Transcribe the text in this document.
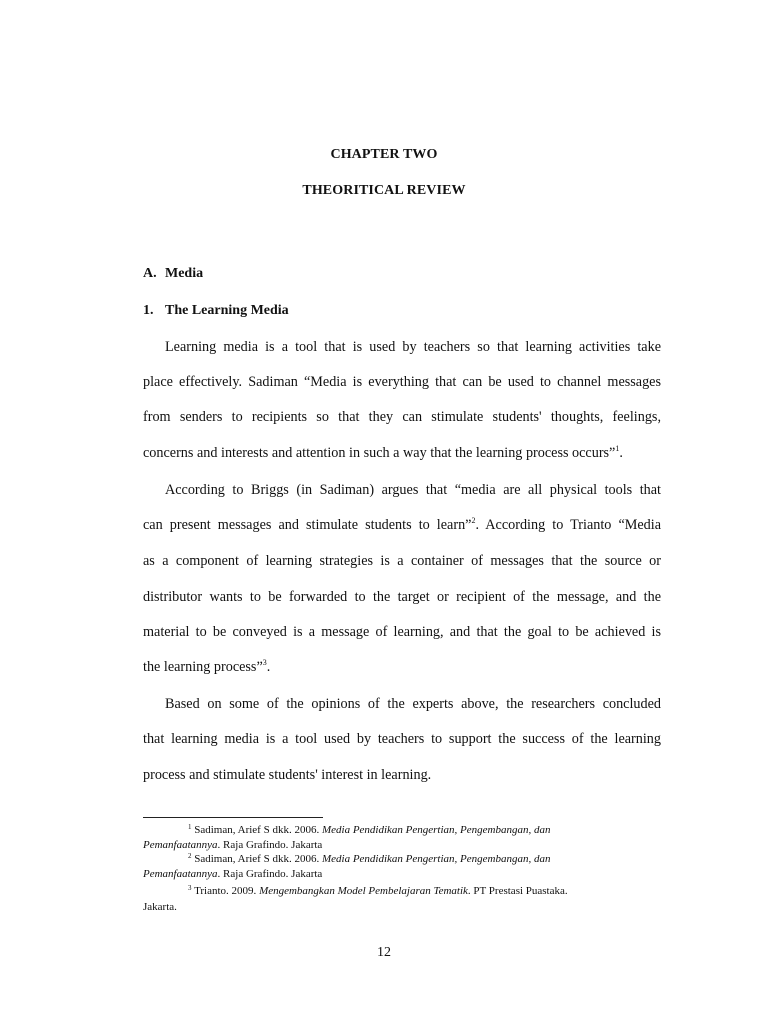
CHAPTER TWO
THEORITICAL REVIEW
A. Media
1. The Learning Media
Learning media is a tool that is used by teachers so that learning activities take
place effectively. Sadiman “Media is everything that can be used to channel messages
from senders to recipients so that they can stimulate students' thoughts, feelings,
concerns and interests and attention in such a way that the learning process occurs”$^1$.
According to Briggs (in Sadiman) argues that “media are all physical tools that
can present messages and stimulate students to learn”$^2$. According to Trianto “Media
as a component of learning strategies is a container of messages that the source or
distributor wants to be forwarded to the target or recipient of the message, and the
material to be conveyed is a message of learning, and that the goal to be achieved is
the learning process”$^3$.
Based on some of the opinions of the experts above, the researchers concluded
that learning media is a tool used by teachers to support the success of the learning
process and stimulate students' interest in learning.
$^1$ Sadiman, Arief S dkk. 2006. Media Pendidikan Pengertian, Pengembangan, dan
Pemanfaatannya. Raja Grafindo. Jakarta
$^2$ Sadiman, Arief S dkk. 2006. Media Pendidikan Pengertian, Pengembangan, dan
Pemanfaatannya. Raja Grafindo. Jakarta
$^3$ Trianto. 2009. Mengembangkan Model Pembelajaran Tematik. PT Prestasi Puastaka.
Jakarta.
12
